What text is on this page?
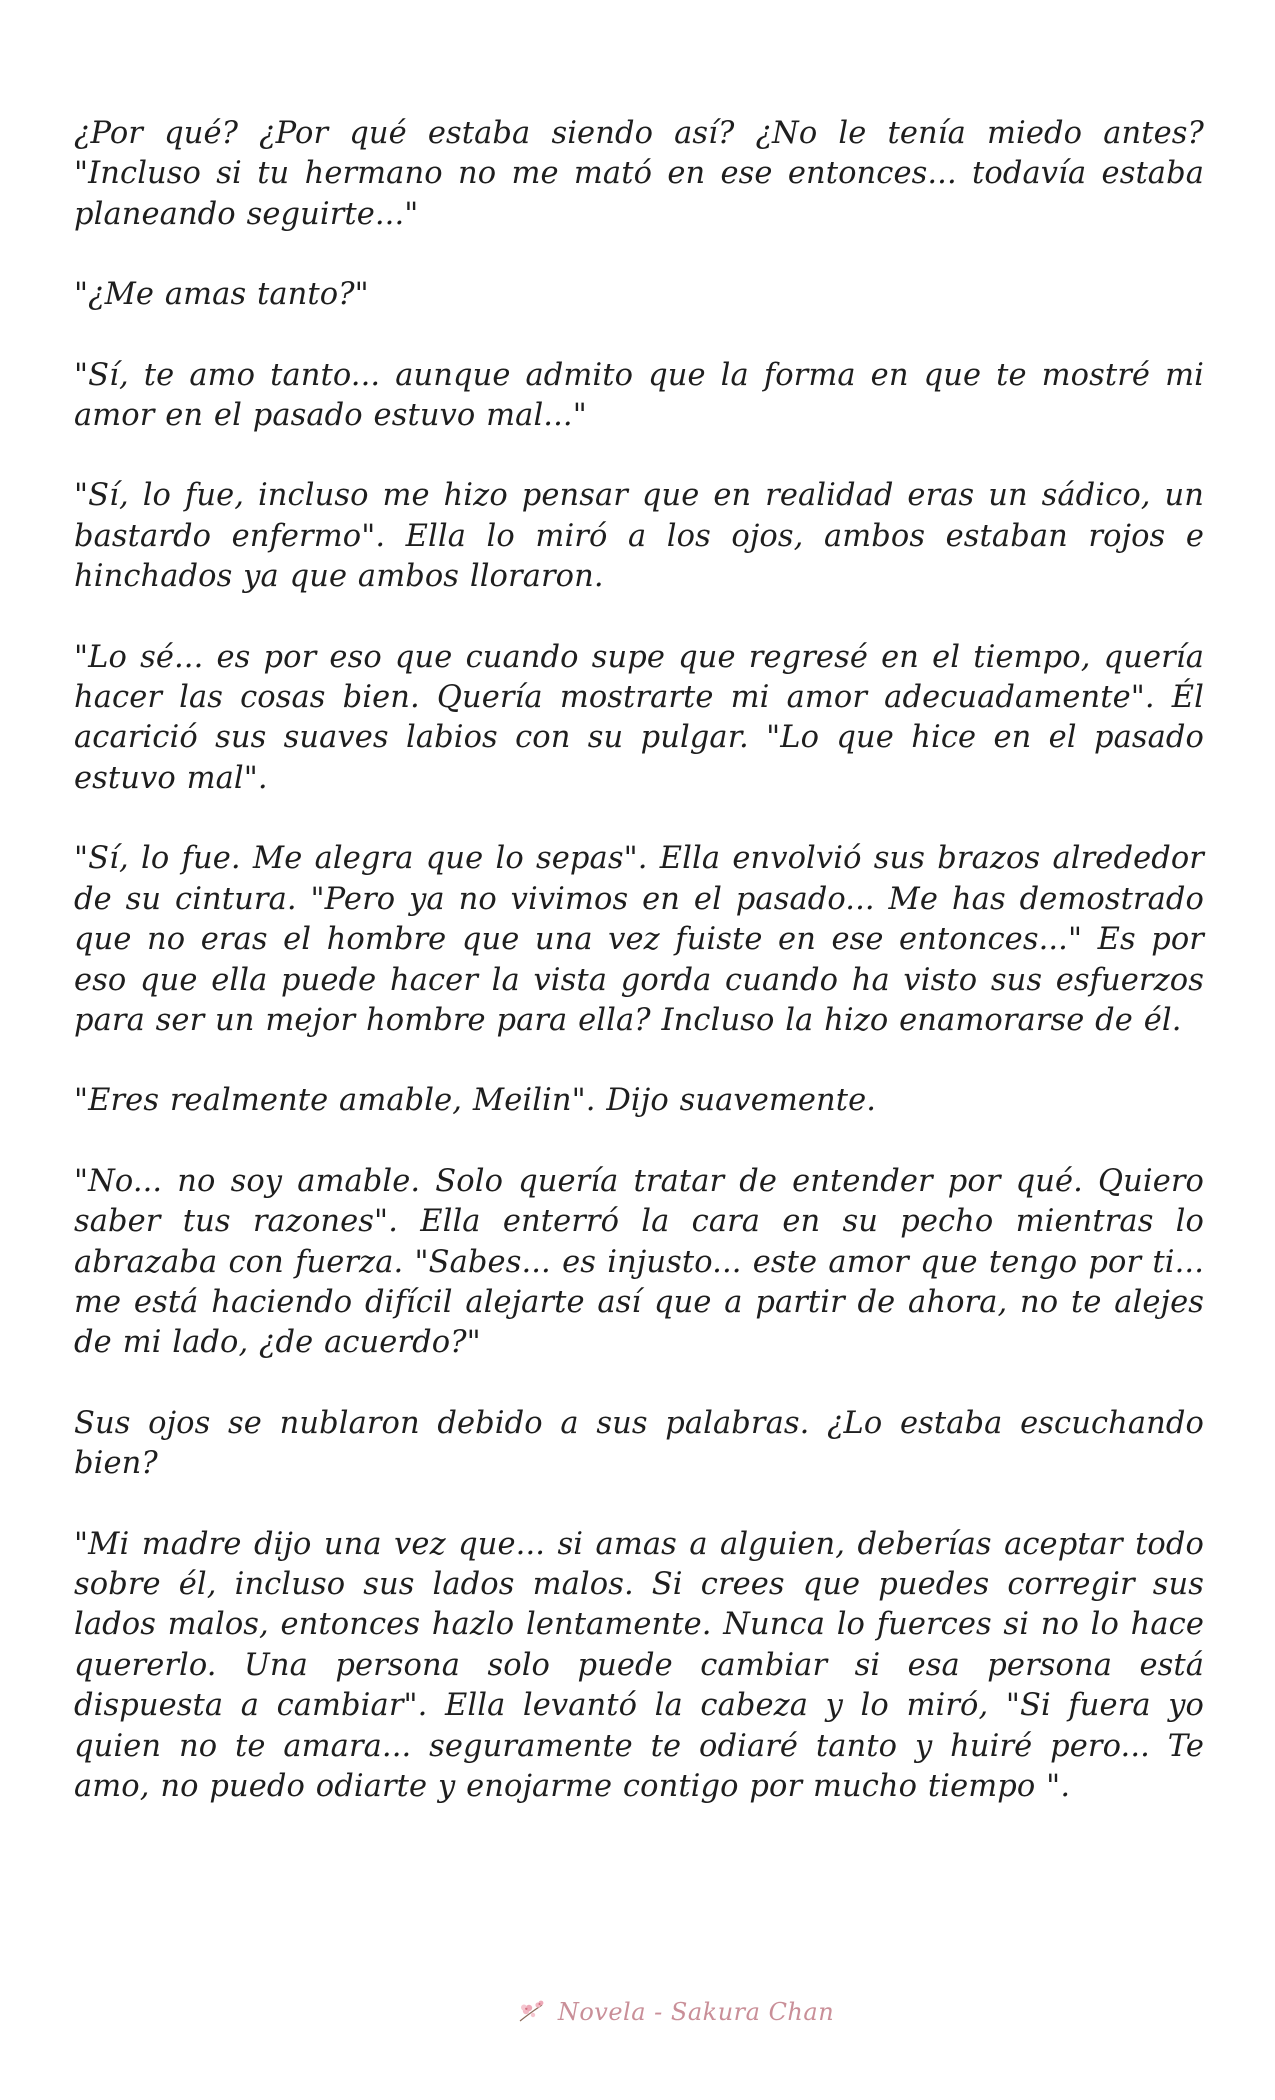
¿Por qué? ¿Por qué estaba siendo así? ¿No le tenía miedo antes? "Incluso si tu hermano no me mató en ese entonces... todavía estaba planeando seguirte..."

"¿Me amas tanto?"

"Sí, te amo tanto... aunque admito que la forma en que te mostré mi amor en el pasado estuvo mal..."

"Sí, lo fue, incluso me hizo pensar que en realidad eras un sádico, un bastardo enfermo". Ella lo miró a los ojos, ambos estaban rojos e hinchados ya que ambos lloraron.

"Lo sé... es por eso que cuando supe que regresé en el tiempo, quería hacer las cosas bien. Quería mostrarte mi amor adecuadamente". Él acarició sus suaves labios con su pulgar. "Lo que hice en el pasado estuvo mal".

"Sí, lo fue. Me alegra que lo sepas". Ella envolvió sus brazos alrededor de su cintura. "Pero ya no vivimos en el pasado... Me has demostrado que no eras el hombre que una vez fuiste en ese entonces..." Es por eso que ella puede hacer la vista gorda cuando ha visto sus esfuerzos para ser un mejor hombre para ella? Incluso la hizo enamorarse de él.

"Eres realmente amable, Meilin". Dijo suavemente.

"No... no soy amable. Solo quería tratar de entender por qué. Quiero saber tus razones". Ella enterró la cara en su pecho mientras lo abrazaba con fuerza. "Sabes... es injusto... este amor que tengo por ti... me está haciendo difícil alejarte así que a partir de ahora, no te alejes de mi lado, ¿de acuerdo?"

Sus ojos se nublaron debido a sus palabras. ¿Lo estaba escuchando bien?

"Mi madre dijo una vez que... si amas a alguien, deberías aceptar todo sobre él, incluso sus lados malos. Si crees que puedes corregir sus lados malos, entonces hazlo lentamente. Nunca lo fuerces si no lo hace quererlo. Una persona solo puede cambiar si esa persona está dispuesta a cambiar". Ella levantó la cabeza y lo miró, "Si fuera yo quien no te amara... seguramente te odiaré tanto y huiré pero... Te amo, no puedo odiarte y enojarme contigo por mucho tiempo ".

Novela - Sakura Chan
